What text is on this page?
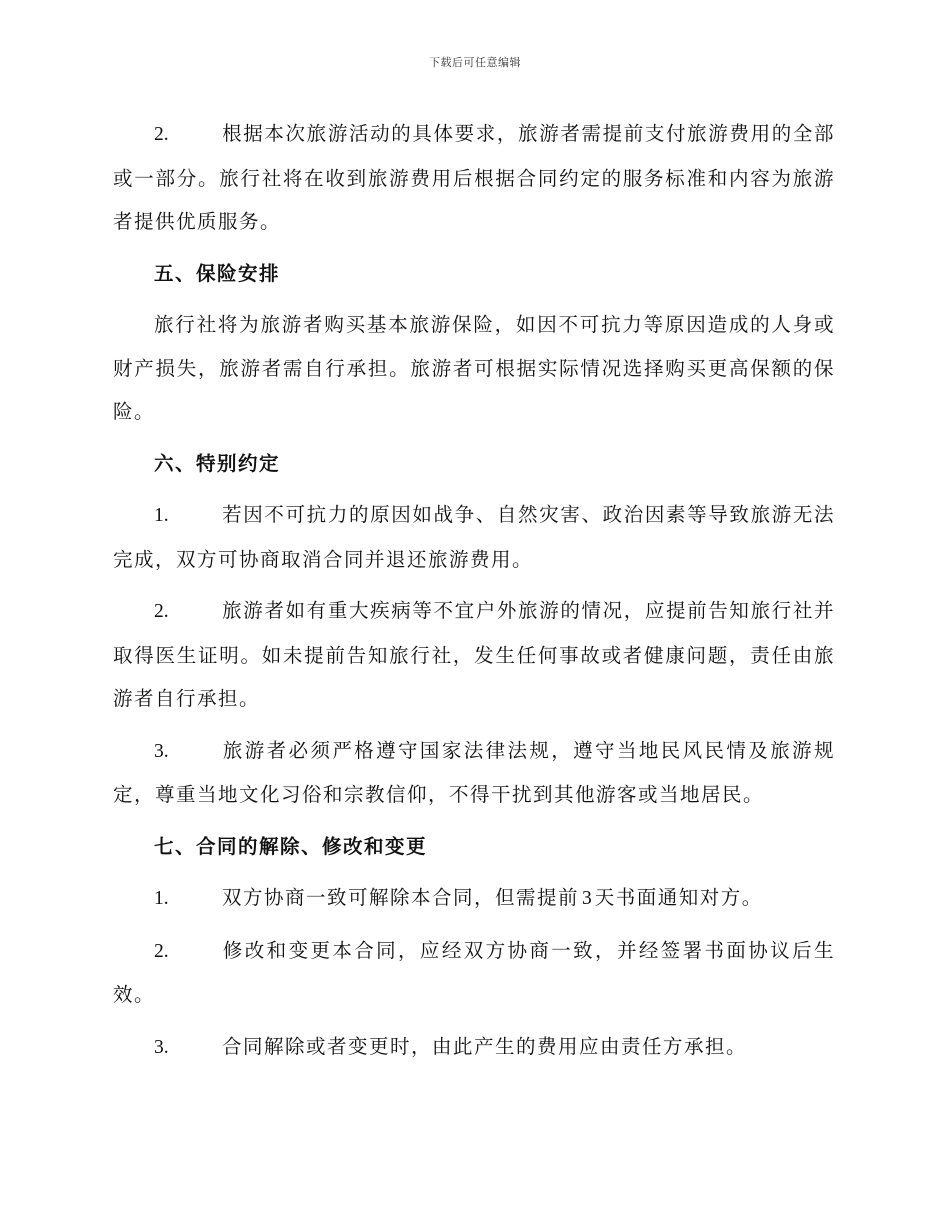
下载后可任意编辑

2.	根据本次旅游活动的具体要求，旅游者需提前支付旅游费用的全部或一部分。旅行社将在收到旅游费用后根据合同约定的服务标准和内容为旅游者提供优质服务。

五、保险安排

旅行社将为旅游者购买基本旅游保险，如因不可抗力等原因造成的人身或财产损失，旅游者需自行承担。旅游者可根据实际情况选择购买更高保额的保险。

六、特别约定

1.	若因不可抗力的原因如战争、自然灾害、政治因素等导致旅游无法完成，双方可协商取消合同并退还旅游费用。

2.	旅游者如有重大疾病等不宜户外旅游的情况，应提前告知旅行社并取得医生证明。如未提前告知旅行社，发生任何事故或者健康问题，责任由旅游者自行承担。

3.	旅游者必须严格遵守国家法律法规，遵守当地民风民情及旅游规定，尊重当地文化习俗和宗教信仰，不得干扰到其他游客或当地居民。

七、合同的解除、修改和变更

1.	双方协商一致可解除本合同，但需提前 3 天书面通知对方。

2.	修改和变更本合同，应经双方协商一致，并经签署书面协议后生效。

3.	合同解除或者变更时，由此产生的费用应由责任方承担。
